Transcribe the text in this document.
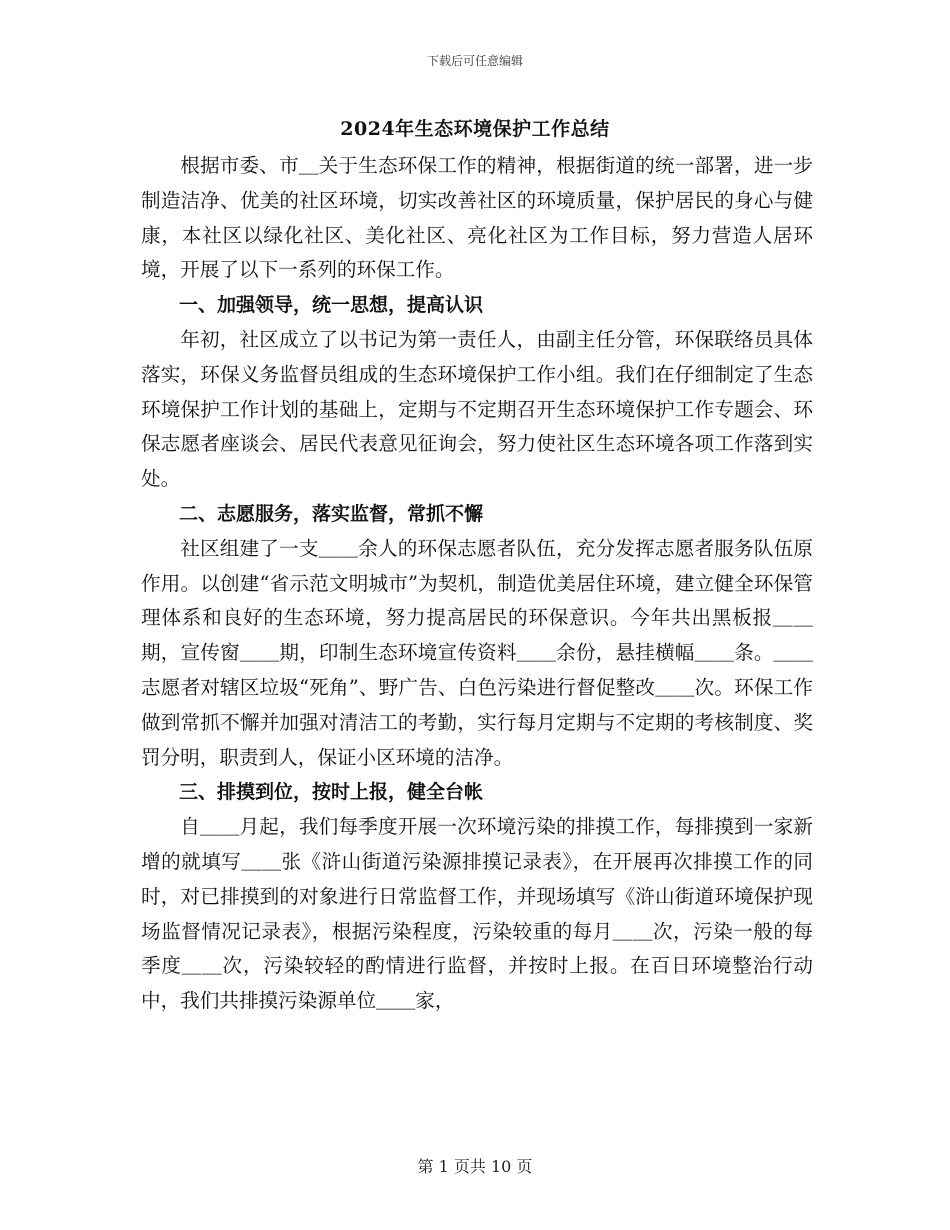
下载后可任意编辑
2024年生态环境保护工作总结

根据市委、市＿关于生态环保工作的精神，根据街道的统一部署，进一步制造洁净、优美的社区环境，切实改善社区的环境质量，保护居民的身心与健康，本社区以绿化社区、美化社区、亮化社区为工作目标，努力营造人居环境，开展了以下一系列的环保工作。

一、加强领导，统一思想，提高认识

年初，社区成立了以书记为第一责任人，由副主任分管，环保联络员具体落实，环保义务监督员组成的生态环境保护工作小组。我们在仔细制定了生态环境保护工作计划的基础上，定期与不定期召开生态环境保护工作专题会、环保志愿者座谈会、居民代表意见征询会，努力使社区生态环境各项工作落到实处。

二、志愿服务，落实监督，常抓不懈

社区组建了一支＿＿余人的环保志愿者队伍，充分发挥志愿者服务队伍原作用。以创建“省示范文明城市”为契机，制造优美居住环境，建立健全环保管理体系和良好的生态环境，努力提高居民的环保意识。今年共出黑板报＿＿期，宣传窗＿＿期，印制生态环境宣传资料＿＿余份，悬挂横幅＿＿条。＿＿志愿者对辖区垃圾“死角”、野广告、白色污染进行督促整改＿＿次。环保工作做到常抓不懈并加强对清洁工的考勤，实行每月定期与不定期的考核制度、奖罚分明，职责到人，保证小区环境的洁净。

三、排摸到位，按时上报，健全台帐

自＿＿月起，我们每季度开展一次环境污染的排摸工作，每排摸到一家新增的就填写＿＿张《浒山街道污染源排摸记录表》，在开展再次排摸工作的同时，对已排摸到的对象进行日常监督工作，并现场填写《浒山街道环境保护现场监督情况记录表》，根据污染程度，污染较重的每月＿＿次，污染一般的每季度＿＿次，污染较轻的酌情进行监督，并按时上报。在百日环境整治行动中，我们共排摸污染源单位＿＿家，

第 1 页共 10 页
